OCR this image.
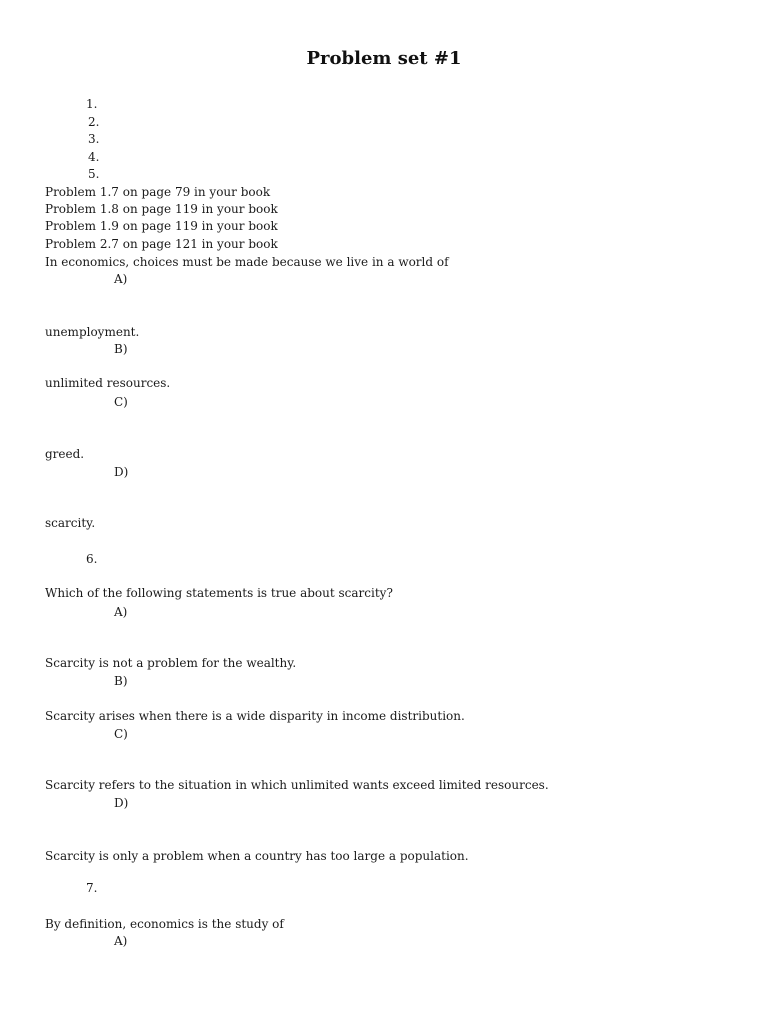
Problem set #1
1.
2.
3.
4.
5.
Problem 1.7 on page 79 in your book
Problem 1.8 on page 119 in your book
Problem 1.9 on page 119 in your book
Problem 2.7 on page 121 in your book
In economics, choices must be made because we live in a world of
A)
unemployment.
B)
unlimited resources.
C)
greed.
D)
scarcity.
6.
Which of the following statements is true about scarcity?
A)
Scarcity is not a problem for the wealthy.
B)
Scarcity arises when there is a wide disparity in income distribution.
C)
Scarcity refers to the situation in which unlimited wants exceed limited resources.
D)
Scarcity is only a problem when a country has too large a population.
7.
By definition, economics is the study of
A)
